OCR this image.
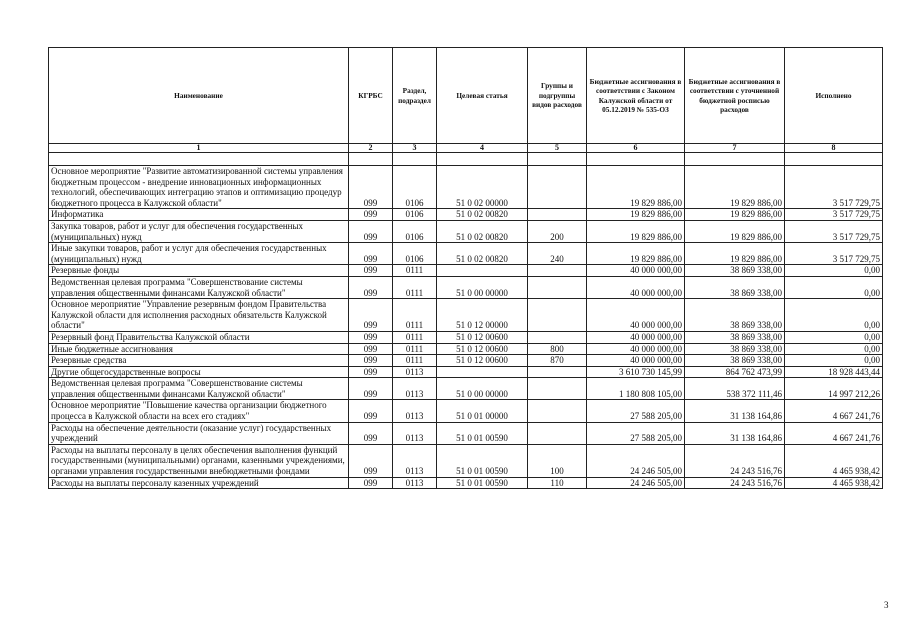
Наименование	КГРБС	Раздел, подраздел	Целевая статья	Группы и подгруппы видов расходов	Бюджетные ассигнования в соответствии с Законом Калужской области от 05.12.2019 № 535-ОЗ	Бюджетные ассигнования в соответствии с уточненной бюджетной росписью расходов	Исполнено
1	2	3	4	5	6	7	8

Основное мероприятие "Развитие автоматизированной системы управления бюджетным процессом - внедрение инновационных информационных технологий, обеспечивающих интеграцию этапов и оптимизацию процедур бюджетного процесса в Калужской области"	099	0106	51 0 02 00000		19 829 886,00	19 829 886,00	3 517 729,75
Информатика	099	0106	51 0 02 00820		19 829 886,00	19 829 886,00	3 517 729,75
Закупка товаров, работ и услуг для обеспечения государственных (муниципальных) нужд	099	0106	51 0 02 00820	200	19 829 886,00	19 829 886,00	3 517 729,75
Иные закупки товаров, работ и услуг для обеспечения государственных (муниципальных) нужд	099	0106	51 0 02 00820	240	19 829 886,00	19 829 886,00	3 517 729,75
Резервные фонды	099	0111			40 000 000,00	38 869 338,00	0,00
Ведомственная целевая программа "Совершенствование системы управления общественными финансами Калужской области"	099	0111	51 0 00 00000		40 000 000,00	38 869 338,00	0,00
Основное мероприятие "Управление резервным фондом Правительства Калужской области для исполнения расходных обязательств Калужской области"	099	0111	51 0 12 00000		40 000 000,00	38 869 338,00	0,00
Резервный фонд Правительства Калужской области	099	0111	51 0 12 00600		40 000 000,00	38 869 338,00	0,00
Иные бюджетные ассигнования	099	0111	51 0 12 00600	800	40 000 000,00	38 869 338,00	0,00
Резервные средства	099	0111	51 0 12 00600	870	40 000 000,00	38 869 338,00	0,00
Другие общегосударственные вопросы	099	0113			3 610 730 145,99	864 762 473,99	18 928 443,44
Ведомственная целевая программа "Совершенствование системы управления общественными финансами Калужской области"	099	0113	51 0 00 00000		1 180 808 105,00	538 372 111,46	14 997 212,26
Основное мероприятие "Повышение качества организации бюджетного процесса в Калужской области на всех его стадиях"	099	0113	51 0 01 00000		27 588 205,00	31 138 164,86	4 667 241,76
Расходы на обеспечение деятельности (оказание услуг) государственных учреждений	099	0113	51 0 01 00590		27 588 205,00	31 138 164,86	4 667 241,76
Расходы на выплаты персоналу в целях обеспечения выполнения функций государственными (муниципальными) органами, казенными учреждениями, органами управления государственными внебюджетными фондами	099	0113	51 0 01 00590	100	24 246 505,00	24 243 516,76	4 465 938,42
Расходы на выплаты персоналу казенных учреждений	099	0113	51 0 01 00590	110	24 246 505,00	24 243 516,76	4 465 938,42
3
